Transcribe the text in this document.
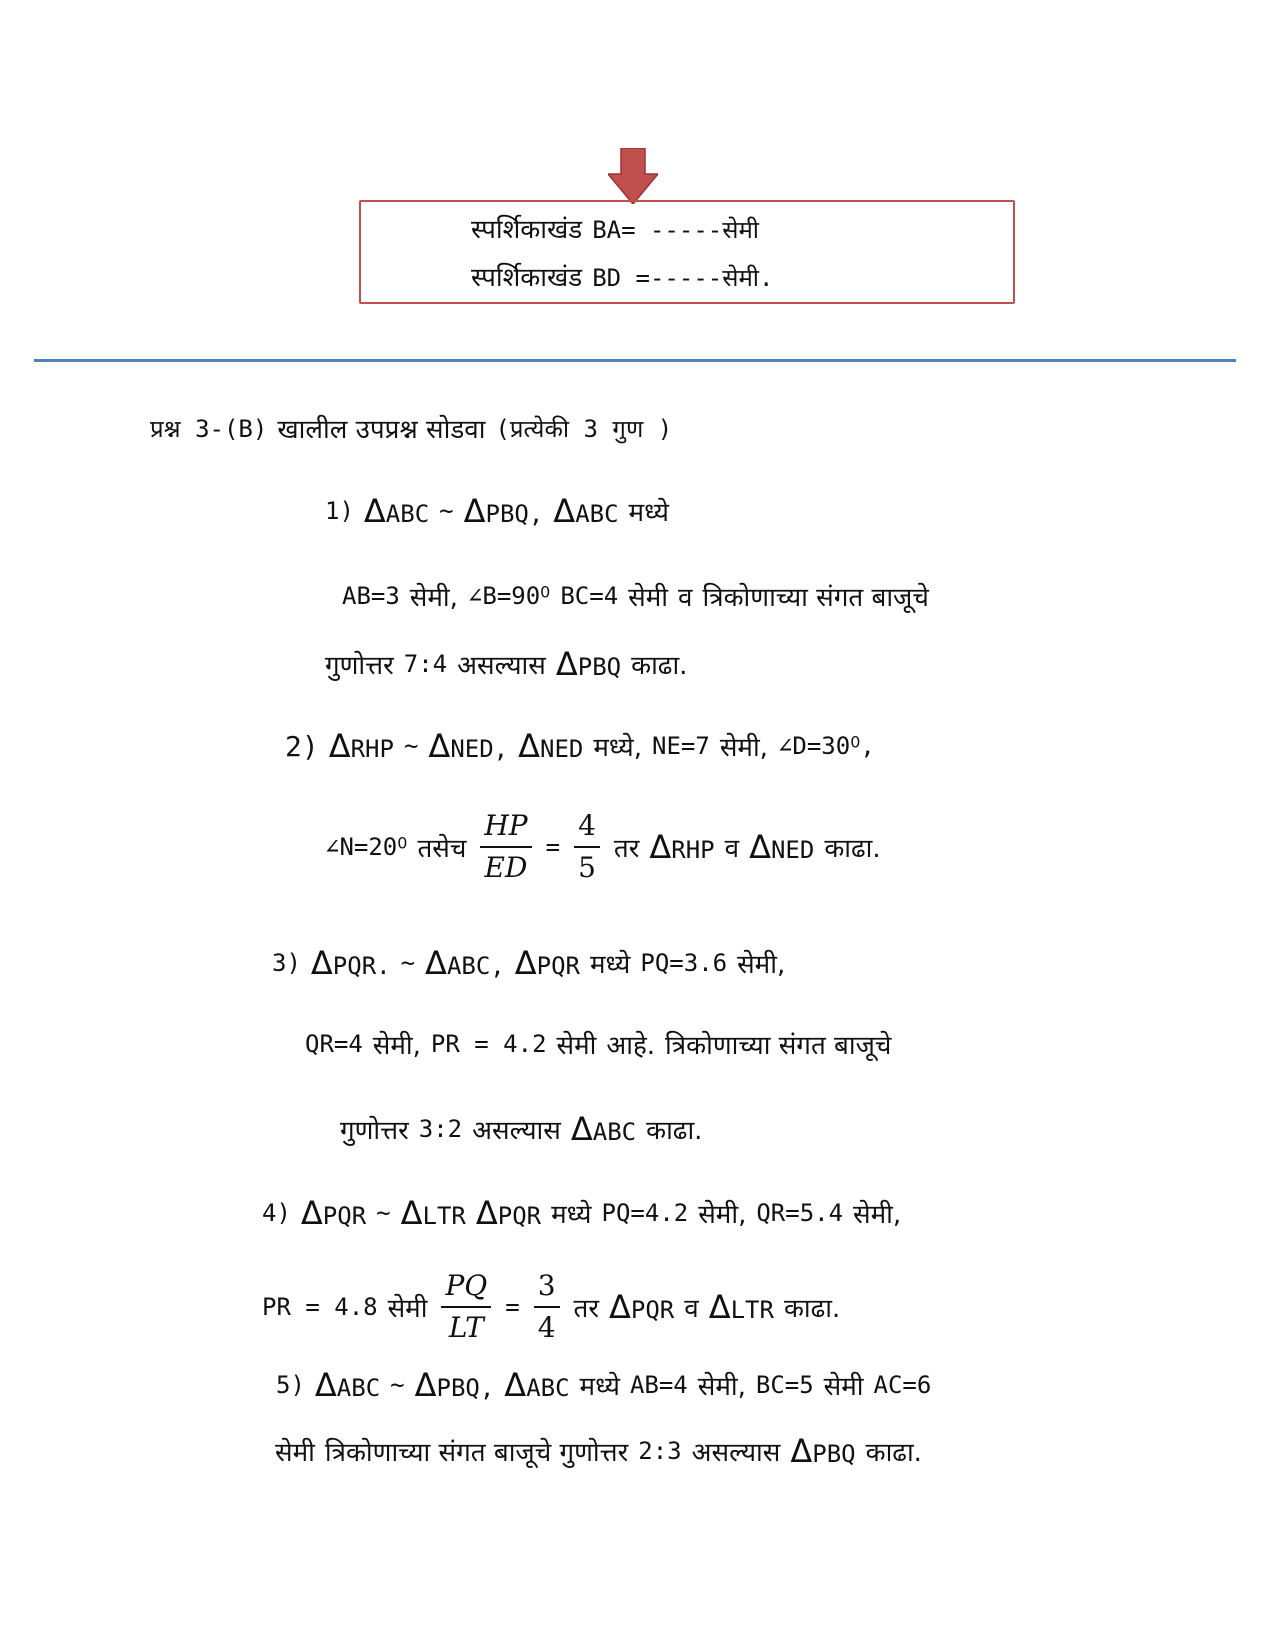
स्पर्शिकाखंड BA= -----सेमी
स्पर्शिकाखंड BD =-----सेमी.
प्रश्न 3-(B) खालील उपप्रश्न सोडवा (प्रत्येकी 3 गुण )
1) ΔABC ~ ΔPBQ, ΔABC मध्ये
AB=3 सेमी, ∠B=900 BC=4 सेमी व त्रिकोणाच्या संगत बाजूचे
गुणोत्तर 7:4 असल्यास ΔPBQ काढा.
2) ΔRHP ~ ΔNED, ΔNED मध्ये, NE=7 सेमी, ∠D=300,
∠N=200 तसेच $\frac{HP}{ED} = \frac{4}{5}$ तर ΔRHP व ΔNED काढा.
3) ΔPQR. ~ ΔABC, ΔPQR मध्ये PQ=3.6 सेमी,
QR=4 सेमी, PR = 4.2 सेमी आहे. त्रिकोणाच्या संगत बाजूचे
गुणोत्तर 3:2 असल्यास ΔABC काढा.
4) ΔPQR ~ ΔLTR ΔPQR मध्ये PQ=4.2 सेमी, QR=5.4 सेमी,
PR = 4.8 सेमी $\frac{PQ}{LT} = \frac{3}{4}$ तर ΔPQR व ΔLTR काढा.
5) ΔABC ~ ΔPBQ, ΔABC मध्ये AB=4 सेमी, BC=5 सेमी AC=6
सेमी त्रिकोणाच्या संगत बाजूचे गुणोत्तर 2:3 असल्यास ΔPBQ काढा.
